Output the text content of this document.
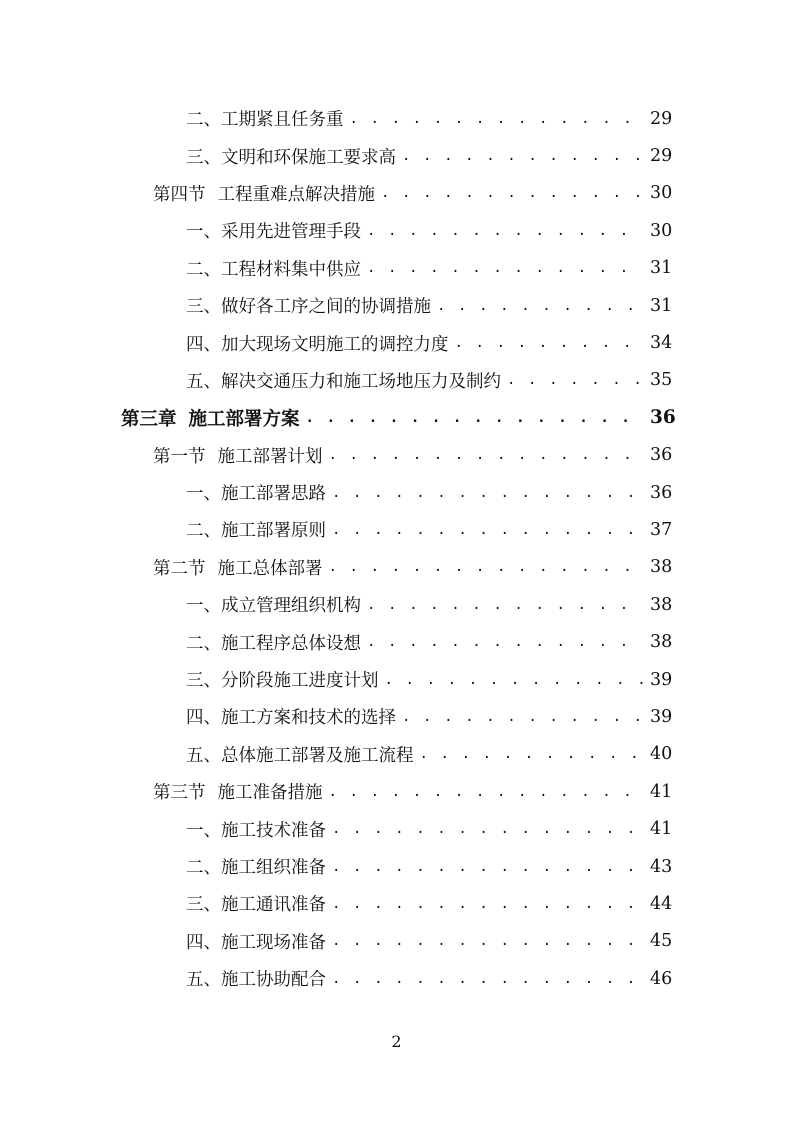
二、工期紧且任务重 . . .	29
三、文明和环保施工要求高 . . .	29
第四节 工程重难点解决措施 . . .	30
一、采用先进管理手段 . . .	30
二、工程材料集中供应 . . .	31
三、做好各工序之间的协调措施 . . .	31
四、加大现场文明施工的调控力度 . . .	34
五、解决交通压力和施工场地压力及制约 . . .	35
第三章 施工部署方案 . . .	36
第一节 施工部署计划 . . .	36
一、施工部署思路 . . .	36
二、施工部署原则 . . .	37
第二节 施工总体部署 . . .	38
一、成立管理组织机构 . . .	38
二、施工程序总体设想 . . .	38
三、分阶段施工进度计划 . . .	39
四、施工方案和技术的选择 . . .	39
五、总体施工部署及施工流程 . . .	40
第三节 施工准备措施 . . .	41
一、施工技术准备 . . .	41
二、施工组织准备 . . .	43
三、施工通讯准备 . . .	44
四、施工现场准备 . . .	45
五、施工协助配合 . . .	46
2
